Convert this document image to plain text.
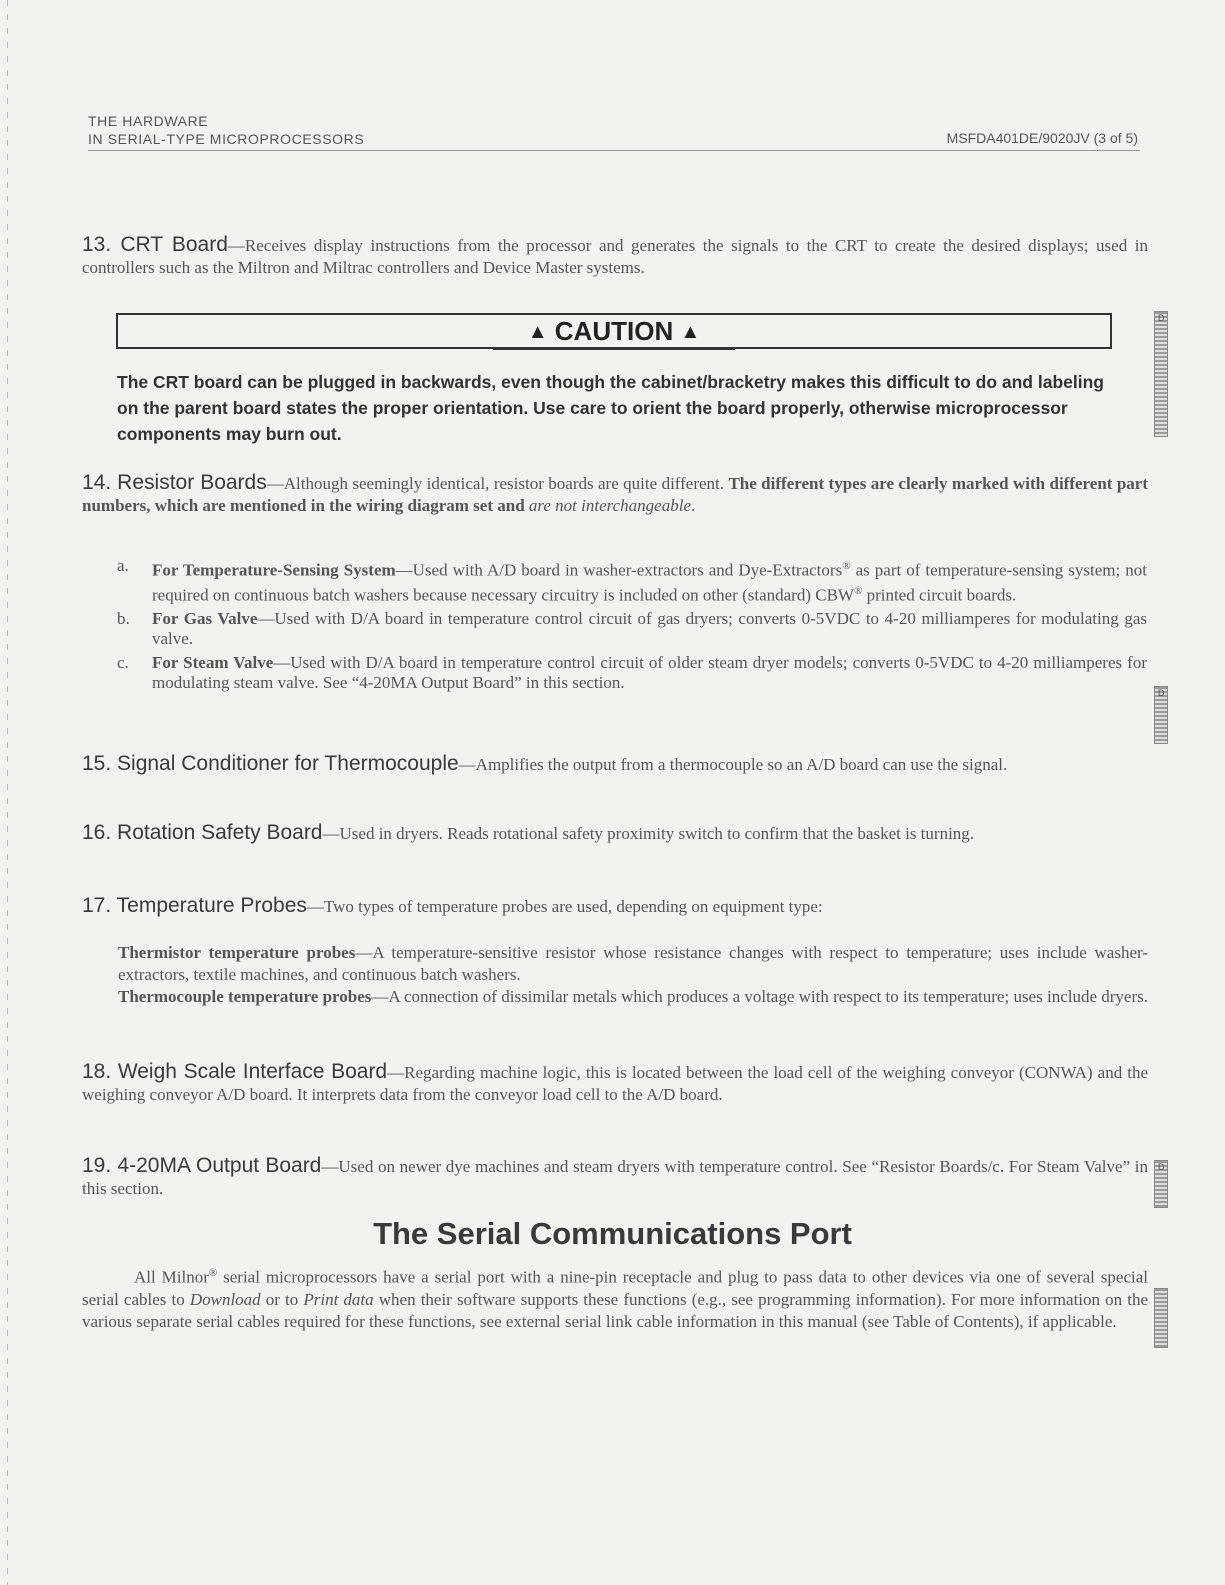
THE HARDWARE
IN SERIAL-TYPE MICROPROCESSORS	MSFDA401DE/9020JV (3 of 5)
13. CRT Board—Receives display instructions from the processor and generates the signals to the CRT to create the desired displays; used in controllers such as the Miltron and Miltrac controllers and Device Master systems.
▲ CAUTION ▲
The CRT board can be plugged in backwards, even though the cabinet/bracketry makes this difficult to do and labeling on the parent board states the proper orientation. Use care to orient the board properly, otherwise microprocessor components may burn out.
14. Resistor Boards—Although seemingly identical, resistor boards are quite different. The different types are clearly marked with different part numbers, which are mentioned in the wiring diagram set and are not interchangeable.
a. For Temperature-Sensing System—Used with A/D board in washer-extractors and Dye-Extractors® as part of temperature-sensing system; not required on continuous batch washers because necessary circuitry is included on other (standard) CBW® printed circuit boards.
b. For Gas Valve—Used with D/A board in temperature control circuit of gas dryers; converts 0-5VDC to 4-20 milliamperes for modulating gas valve.
c. For Steam Valve—Used with D/A board in temperature control circuit of older steam dryer models; converts 0-5VDC to 4-20 milliamperes for modulating steam valve. See “4-20MA Output Board” in this section.
15. Signal Conditioner for Thermocouple—Amplifies the output from a thermocouple so an A/D board can use the signal.
16. Rotation Safety Board—Used in dryers. Reads rotational safety proximity switch to confirm that the basket is turning.
17. Temperature Probes—Two types of temperature probes are used, depending on equipment type:
Thermistor temperature probes—A temperature-sensitive resistor whose resistance changes with respect to temperature; uses include washer-extractors, textile machines, and continuous batch washers.
Thermocouple temperature probes—A connection of dissimilar metals which produces a voltage with respect to its temperature; uses include dryers.
18. Weigh Scale Interface Board—Regarding machine logic, this is located between the load cell of the weighing conveyor (CONWA) and the weighing conveyor A/D board. It interprets data from the conveyor load cell to the A/D board.
19. 4-20MA Output Board—Used on newer dye machines and steam dryers with temperature control. See “Resistor Boards/c. For Steam Valve” in this section.
The Serial Communications Port
All Milnor® serial microprocessors have a serial port with a nine-pin receptacle and plug to pass data to other devices via one of several special serial cables to Download or to Print data when their software supports these functions (e.g., see programming information). For more information on the various separate serial cables required for these functions, see external serial link cable information in this manual (see Table of Contents), if applicable.
D
D
D
